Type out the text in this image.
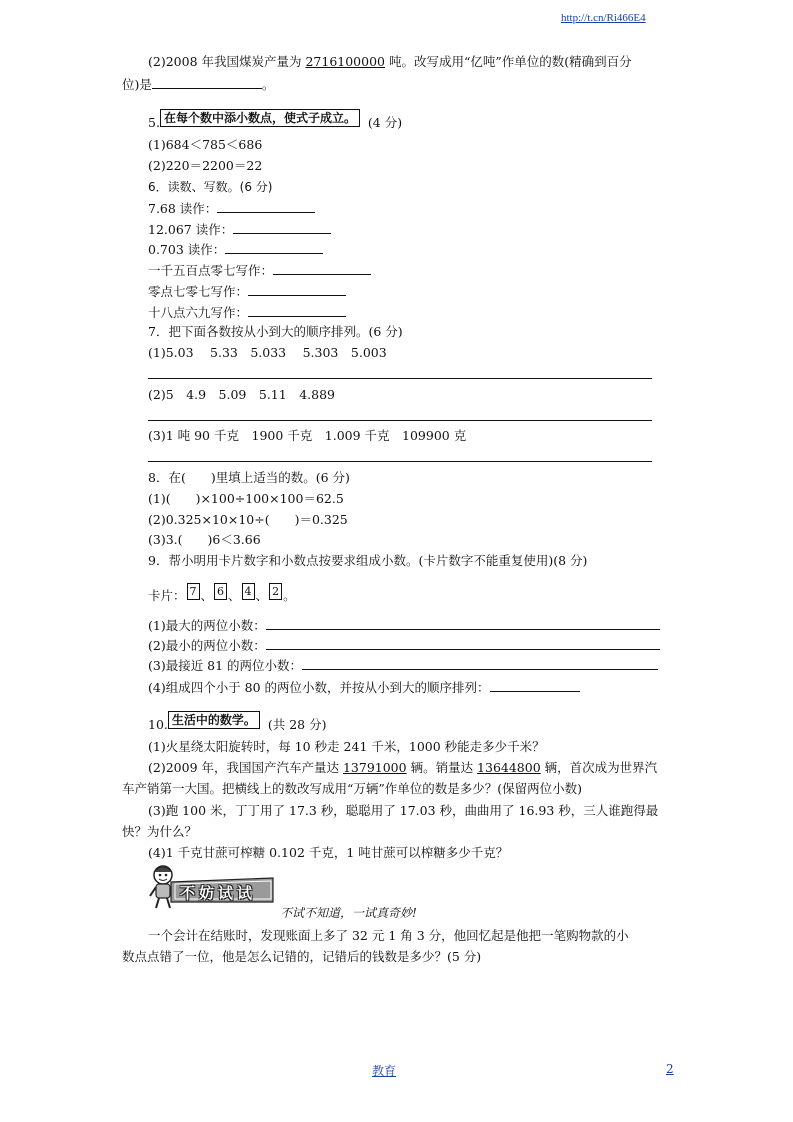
http://t.cn/Ri466E4
(2)2008 年我国煤炭产量为 2716100000 吨。改写成用“亿吨”作单位的数(精确到百分
位)是	。
5. 在每个数中添小数点，使式子成立。 (4 分)
(1)684＜785＜686
(2)220＝2200＝22
6．读数、写数。(6 分)
7.68 读作：
12.067 读作：
0.703 读作：
一千五百点零七写作：
零点七零七写作：
十八点六九写作：
7．把下面各数按从小到大的顺序排列。(6 分)
(1)5.03　 5.33　5.033　 5.303　5.003
(2)5　4.9　5.09　5.11　4.889
(3)1 吨 90 千克　1900 千克　1.009 千克　109900 克
8．在(　　)里填上适当的数。(6 分)
(1)(　　)×100÷100×100＝62.5
(2)0.325×10×10÷(　　)＝0.325
(3)3.(　　)6＜3.66
9．帮小明用卡片数字和小数点按要求组成小数。(卡片数字不能重复使用)(8 分)
卡片： 7 、 6 、 4 、 2 。
(1)最大的两位小数：
(2)最小的两位小数：
(3)最接近 81 的两位小数：
(4)组成四个小于 80 的两位小数，并按从小到大的顺序排列：
10. 生活中的数学。 (共 28 分)
(1)火星绕太阳旋转时，每 10 秒走 241 千米，1000 秒能走多少千米？
(2)2009 年，我国国产汽车产量达 13791000 辆。销量达 13644800 辆，首次成为世界汽
车产销第一大国。把横线上的数改写成用“万辆”作单位的数是多少？(保留两位小数)
(3)跑 100 米，丁丁用了 17.3 秒，聪聪用了 17.03 秒，曲曲用了 16.93 秒，三人谁跑得最
快？为什么？
(4)1 千克甘蔗可榨糖 0.102 千克，1 吨甘蔗可以榨糖多少千克？
不妨试试
不试不知道，一试真奇妙!
一个会计在结账时，发现账面上多了 32 元 1 角 3 分，他回忆起是他把一笔购物款的小
数点点错了一位，他是怎么记错的，记错后的钱数是多少？(5 分)
教育	2
